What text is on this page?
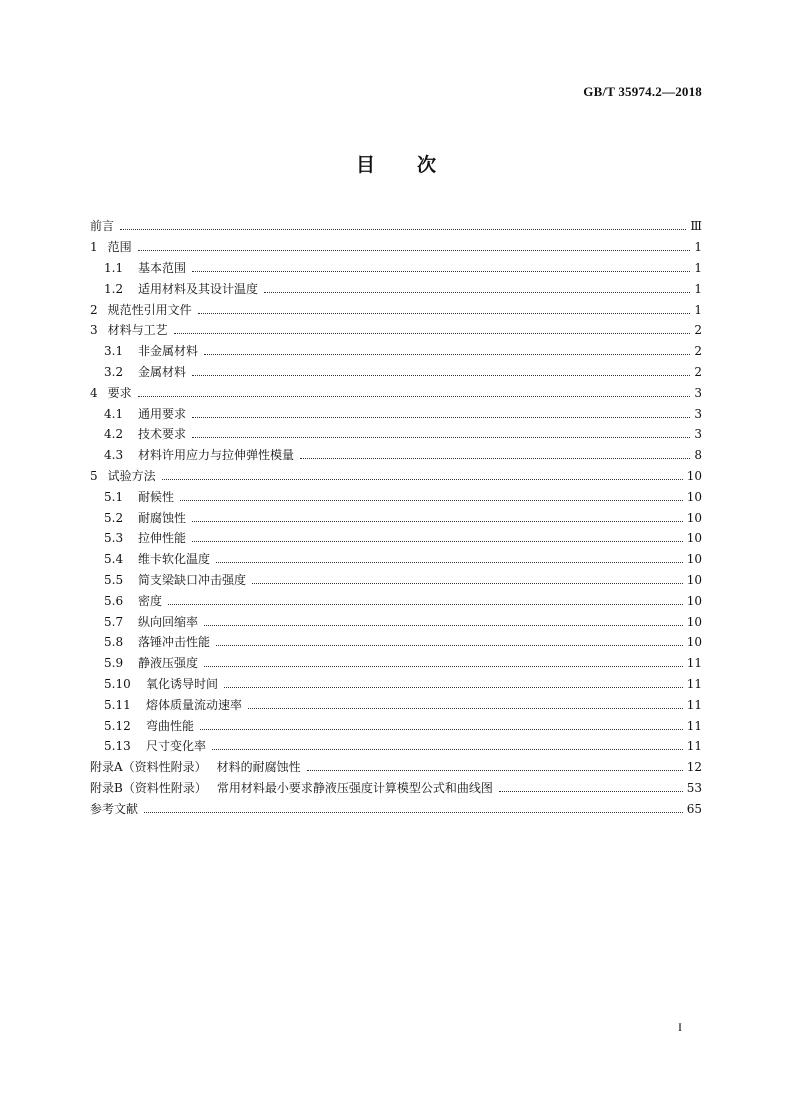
GB/T 35974.2—2018
目 次
前言	Ⅲ
1 范围	1
1.1	基本范围	1
1.2	适用材料及其设计温度	1
2 规范性引用文件	1
3 材料与工艺	2
3.1	非金属材料	2
3.2	金属材料	2
4 要求	3
4.1	通用要求	3
4.2	技术要求	3
4.3	材料许用应力与拉伸弹性模量	8
5 试验方法	10
5.1	耐候性	10
5.2	耐腐蚀性	10
5.3	拉伸性能	10
5.4	维卡软化温度	10
5.5	简支梁缺口冲击强度	10
5.6	密度	10
5.7	纵向回缩率	10
5.8	落锤冲击性能	10
5.9	静液压强度	11
5.10	氧化诱导时间	11
5.11	熔体质量流动速率	11
5.12	弯曲性能	11
5.13	尺寸变化率	11
附录A（资料性附录） 材料的耐腐蚀性	12
附录B（资料性附录） 常用材料最小要求静液压强度计算模型公式和曲线图	53
参考文献	65
I
